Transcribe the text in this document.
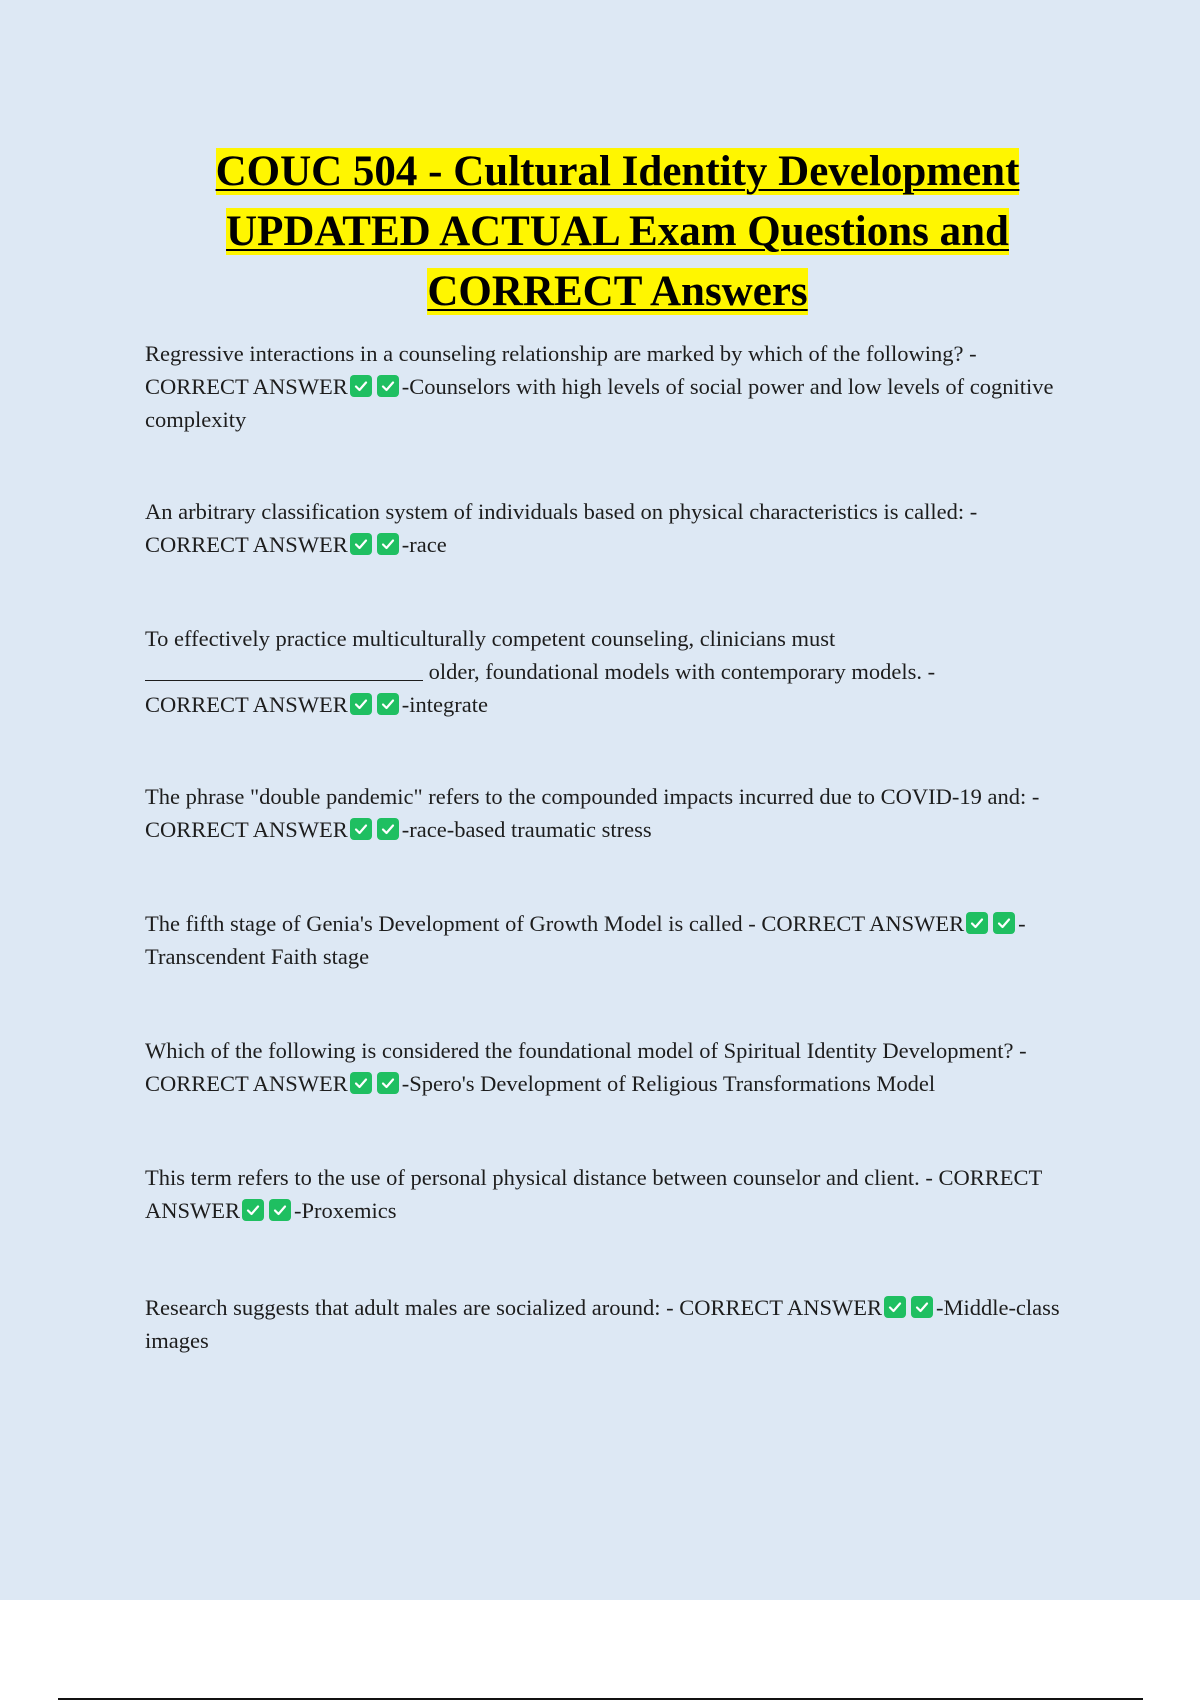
COUC 504 - Cultural Identity Development
UPDATED ACTUAL Exam Questions and
CORRECT Answers
Regressive interactions in a counseling relationship are marked by which of the following? - CORRECT ANSWER -Counselors with high levels of social power and low levels of cognitive complexity
An arbitrary classification system of individuals based on physical characteristics is called: - CORRECT ANSWER -race
To effectively practice multiculturally competent counseling, clinicians must
older, foundational models with contemporary models. -
CORRECT ANSWER -integrate
The phrase "double pandemic" refers to the compounded impacts incurred due to COVID-19 and: - CORRECT ANSWER -race-based traumatic stress
The fifth stage of Genia's Development of Growth Model is called - CORRECT ANSWER -Transcendent Faith stage
Which of the following is considered the foundational model of Spiritual Identity Development? - CORRECT ANSWER -Spero's Development of Religious Transformations Model
This term refers to the use of personal physical distance between counselor and client. - CORRECT ANSWER -Proxemics
Research suggests that adult males are socialized around: - CORRECT ANSWER -Middle-class images
